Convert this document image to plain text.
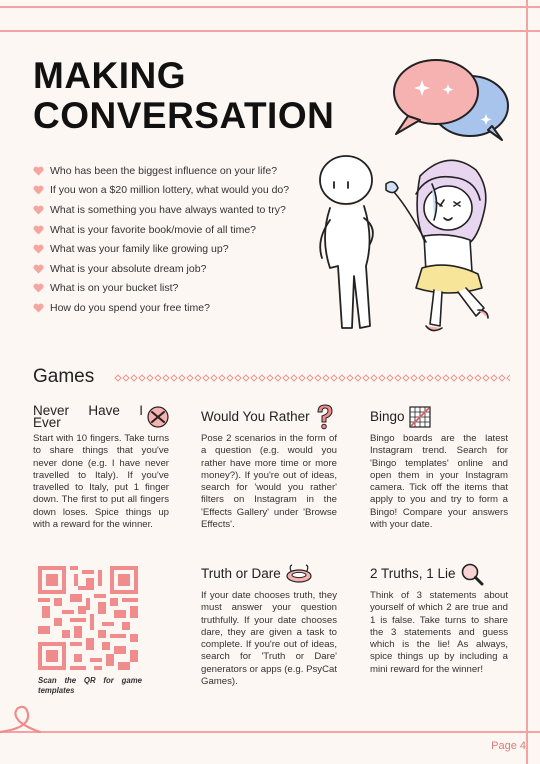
MAKING
CONVERSATION
Who has been the biggest influence on your life?
If you won a $20 million lottery, what would you do?
What is something you have always wanted to try?
What is your favorite book/movie of all time?
What was your family like growing up?
What is your absolute dream job?
What is on your bucket list?
How do you spend your free time?
Games
Never Have I Ever

Start with 10 fingers. Take turns to share things that you've never done (e.g. I have never travelled to Italy). If you've travelled to Italy, put 1 finger down. The first to put all fingers down loses. Spice things up with a reward for the winner.

Would You Rather

Pose 2 scenarios in the form of a question (e.g. would you rather have more time or more money?). If you're out of ideas, search for 'would you rather' filters on Instagram in the 'Effects Gallery' under 'Browse Effects'.

Bingo

Bingo boards are the latest Instagram trend. Search for 'Bingo templates' online and open them in your Instagram camera. Tick off the items that apply to you and try to form a Bingo! Compare your answers with your date.

Truth or Dare

If your date chooses truth, they must answer your question truthfully. If your date chooses dare, they are given a task to complete. If you're out of ideas, search for 'Truth or Dare' generators or apps (e.g. PsyCat Games).

2 Truths, 1 Lie

Think of 3 statements about yourself of which 2 are true and 1 is false. Take turns to share the 3 statements and guess which is the lie! As always, spice things up by including a mini reward for the winner!

Scan the QR for game templates
Page 4
